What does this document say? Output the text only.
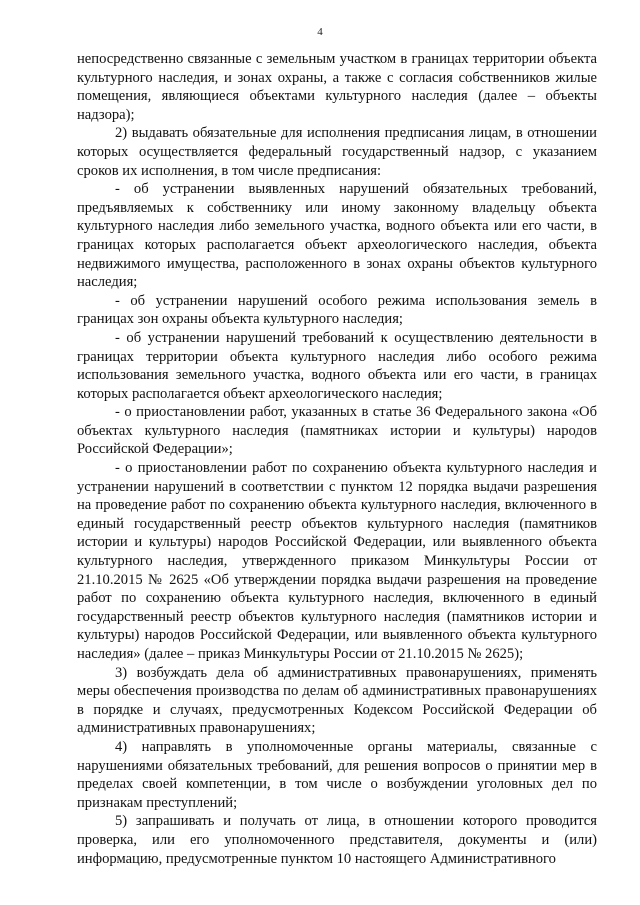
4

непосредственно связанные с земельным участком в границах территории объекта культурного наследия, и зонах охраны, а также с согласия собственников жилые помещения, являющиеся объектами культурного наследия (далее – объекты надзора);

2) выдавать обязательные для исполнения предписания лицам, в отношении которых осуществляется федеральный государственный надзор, с указанием сроков их исполнения, в том числе предписания:

- об устранении выявленных нарушений обязательных требований, предъявляемых к собственнику или иному законному владельцу объекта культурного наследия либо земельного участка, водного объекта или его части, в границах которых располагается объект археологического наследия, объекта недвижимого имущества, расположенного в зонах охраны объектов культурного наследия;

- об устранении нарушений особого режима использования земель в границах зон охраны объекта культурного наследия;

- об устранении нарушений требований к осуществлению деятельности в границах территории объекта культурного наследия либо особого режима использования земельного участка, водного объекта или его части, в границах которых располагается объект археологического наследия;

- о приостановлении работ, указанных в статье 36 Федерального закона «Об объектах культурного наследия (памятниках истории и культуры) народов Российской Федерации»;

- о приостановлении работ по сохранению объекта культурного наследия и устранении нарушений в соответствии с пунктом 12 порядка выдачи разрешения на проведение работ по сохранению объекта культурного наследия, включенного в единый государственный реестр объектов культурного наследия (памятников истории и культуры) народов Российской Федерации, или выявленного объекта культурного наследия, утвержденного приказом Минкультуры России от 21.10.2015 № 2625 «Об утверждении порядка выдачи разрешения на проведение работ по сохранению объекта культурного наследия, включенного в единый государственный реестр объектов культурного наследия (памятников истории и культуры) народов Российской Федерации, или выявленного объекта культурного наследия» (далее – приказ Минкультуры России от 21.10.2015 № 2625);

3) возбуждать дела об административных правонарушениях, применять меры обеспечения производства по делам об административных правонарушениях в порядке и случаях, предусмотренных Кодексом Российской Федерации об административных правонарушениях;

4) направлять в уполномоченные органы материалы, связанные с нарушениями обязательных требований, для решения вопросов о принятии мер в пределах своей компетенции, в том числе о возбуждении уголовных дел по признакам преступлений;

5) запрашивать и получать от лица, в отношении которого проводится проверка, или его уполномоченного представителя, документы и (или) информацию, предусмотренные пунктом 10 настоящего Административного
